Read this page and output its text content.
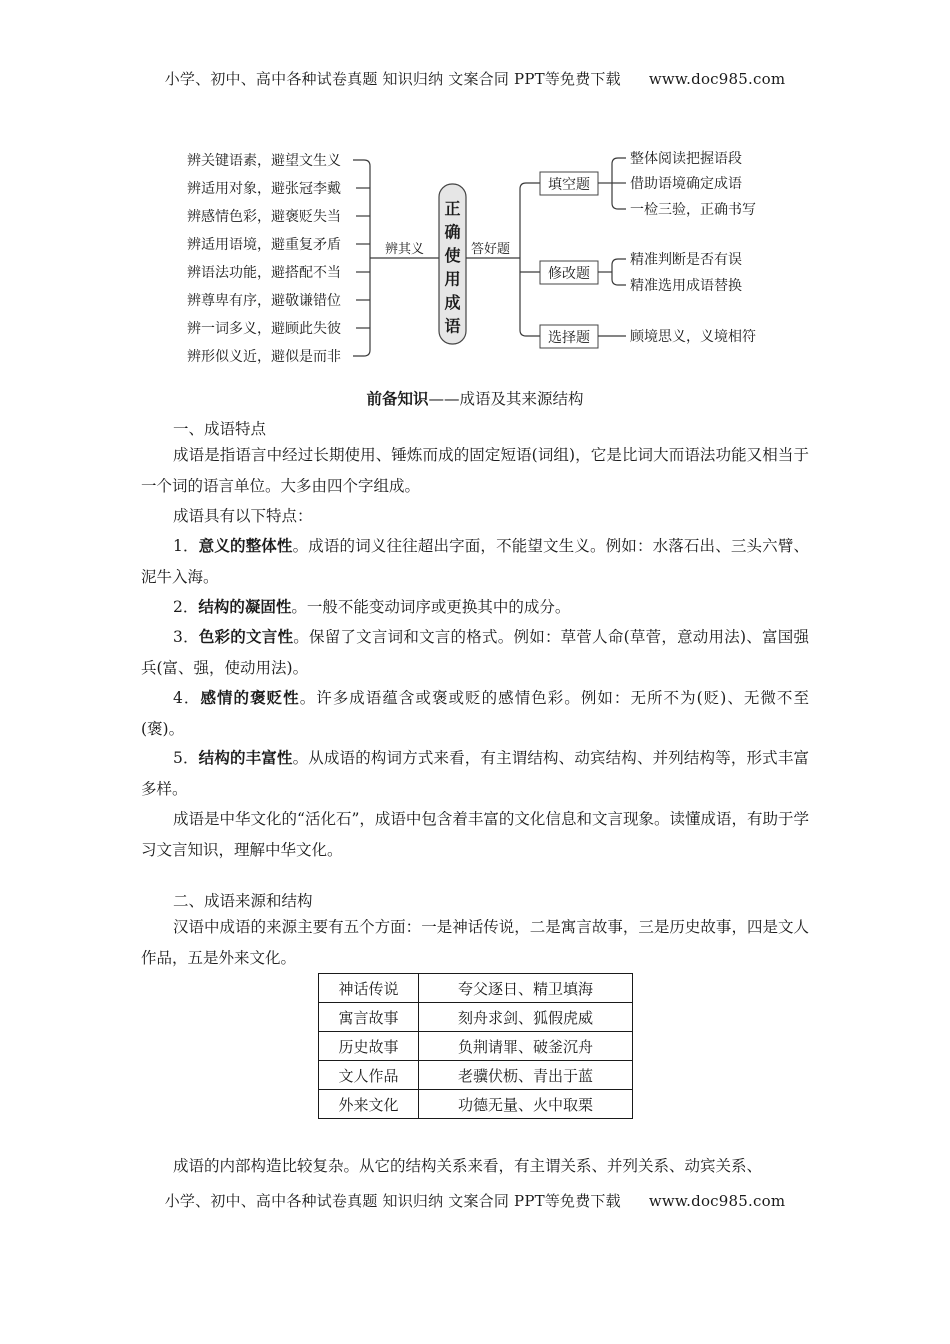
小学、初中、高中各种试卷真题 知识归纳 文案合同 PPT等免费下载 www.doc985.com
辨关键语素，避望文生义
辨适用对象，避张冠李戴
辨感情色彩，避褒贬失当
辨适用语境，避重复矛盾
辨语法功能，避搭配不当
辨尊卑有序，避敬谦错位
辨一词多义，避顾此失彼
辨形似义近，避似是而非
辨其义
正
确
使
用
成
语
答好题
填空题
修改题
选择题
整体阅读把握语段
借助语境确定成语
一检三验，正确书写
精准判断是否有误
精准选用成语替换
顾境思义，义境相符
前备知识——成语及其来源结构
一、成语特点

成语是指语言中经过长期使用、锤炼而成的固定短语(词组)，它是比词大而语法功能又相当于一个词的语言单位。大多由四个字组成。

成语具有以下特点：

1．意义的整体性。成语的词义往往超出字面，不能望文生义。例如：水落石出、三头六臂、泥牛入海。

2．结构的凝固性。一般不能变动词序或更换其中的成分。

3．色彩的文言性。保留了文言词和文言的格式。例如：草菅人命(草菅，意动用法)、富国强兵(富、强，使动用法)。

4．感情的褒贬性。许多成语蕴含或褒或贬的感情色彩。例如：无所不为(贬)、无微不至(褒)。

5．结构的丰富性。从成语的构词方式来看，有主谓结构、动宾结构、并列结构等，形式丰富多样。

成语是中华文化的“活化石”，成语中包含着丰富的文化信息和文言现象。读懂成语，有助于学习文言知识，理解中华文化。

二、成语来源和结构

汉语中成语的来源主要有五个方面：一是神话传说，二是寓言故事，三是历史故事，四是文人作品，五是外来文化。

神话传说	夸父逐日、精卫填海
寓言故事	刻舟求剑、狐假虎威
历史故事	负荆请罪、破釜沉舟
文人作品	老骥伏枥、青出于蓝
外来文化	功德无量、火中取栗

成语的内部构造比较复杂。从它的结构关系来看，有主谓关系、并列关系、动宾关系、

小学、初中、高中各种试卷真题 知识归纳 文案合同 PPT等免费下载 www.doc985.com
